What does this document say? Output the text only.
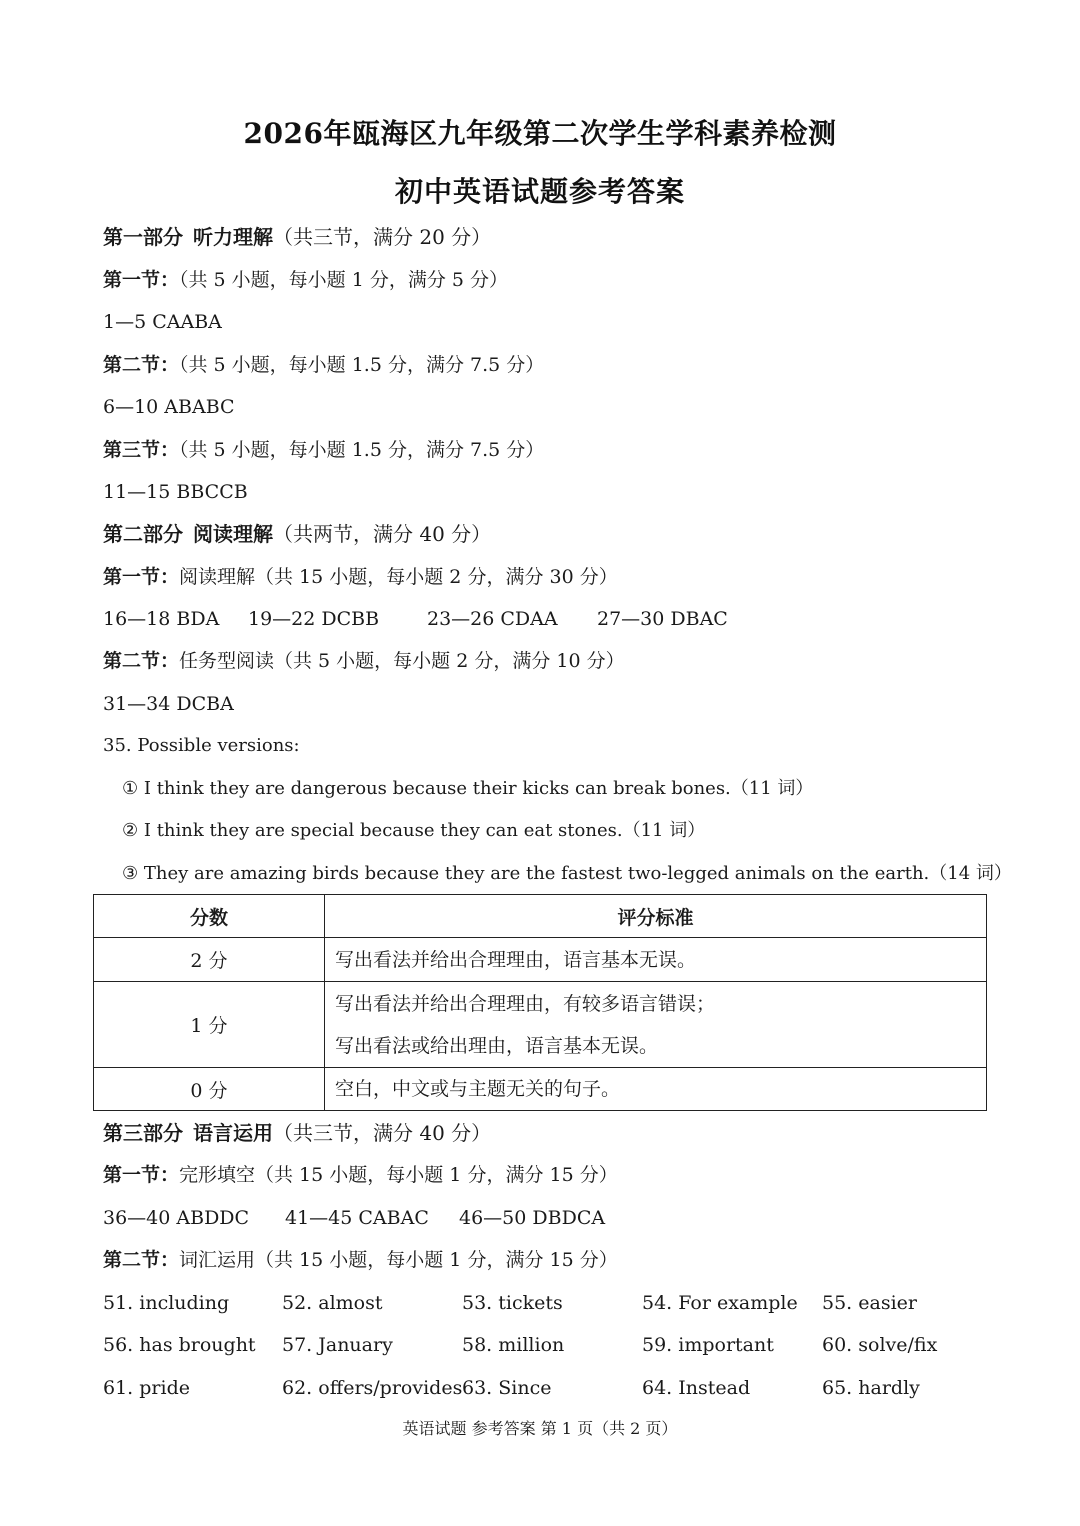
2026年瓯海区九年级第二次学生学科素养检测
初中英语试题参考答案
第一部分 听力理解（共三节，满分 20 分）
第一节：（共 5 小题，每小题 1 分，满分 5 分）
1—5 CAABA
第二节：（共 5 小题，每小题 1.5 分，满分 7.5 分）
6—10 ABABC
第三节：（共 5 小题，每小题 1.5 分，满分 7.5 分）
11—15 BBCCB
第二部分 阅读理解（共两节，满分 40 分）
第一节：阅读理解（共 15 小题，每小题 2 分，满分 30 分）
16—18 BDA 19—22 DCBB	23—26 CDAA 27—30 DBAC
第二节：任务型阅读（共 5 小题，每小题 2 分，满分 10 分）
31—34 DCBA
35. Possible versions:
① I think they are dangerous because their kicks can break bones.（11 词）
② I think they are special because they can eat stones.（11 词）
③ They are amazing birds because they are the fastest two-legged animals on the earth.（14 词）
分数	评分标准
2 分	写出看法并给出合理理由，语言基本无误。

1 分	写出看法并给出合理理由，有较多语言错误；
写出看法或给出理由，语言基本无误。

0 分	空白，中文或与主题无关的句子。
第三部分 语言运用（共三节，满分 40 分）
第一节：完形填空（共 15 小题，每小题 1 分，满分 15 分）
36—40 ABDDC 41—45 CABAC 46—50 DBDCA
第二节：词汇运用（共 15 小题，每小题 1 分，满分 15 分）
51. including	52. almost	53. tickets	54. For example 55. easier
56. has brought 57. January	58. million	59. important	60. solve/fix
61. pride	62. offers/provides 63. Since	64. Instead	65. hardly
英语试题 参考答案 第 1 页（共 2 页）
